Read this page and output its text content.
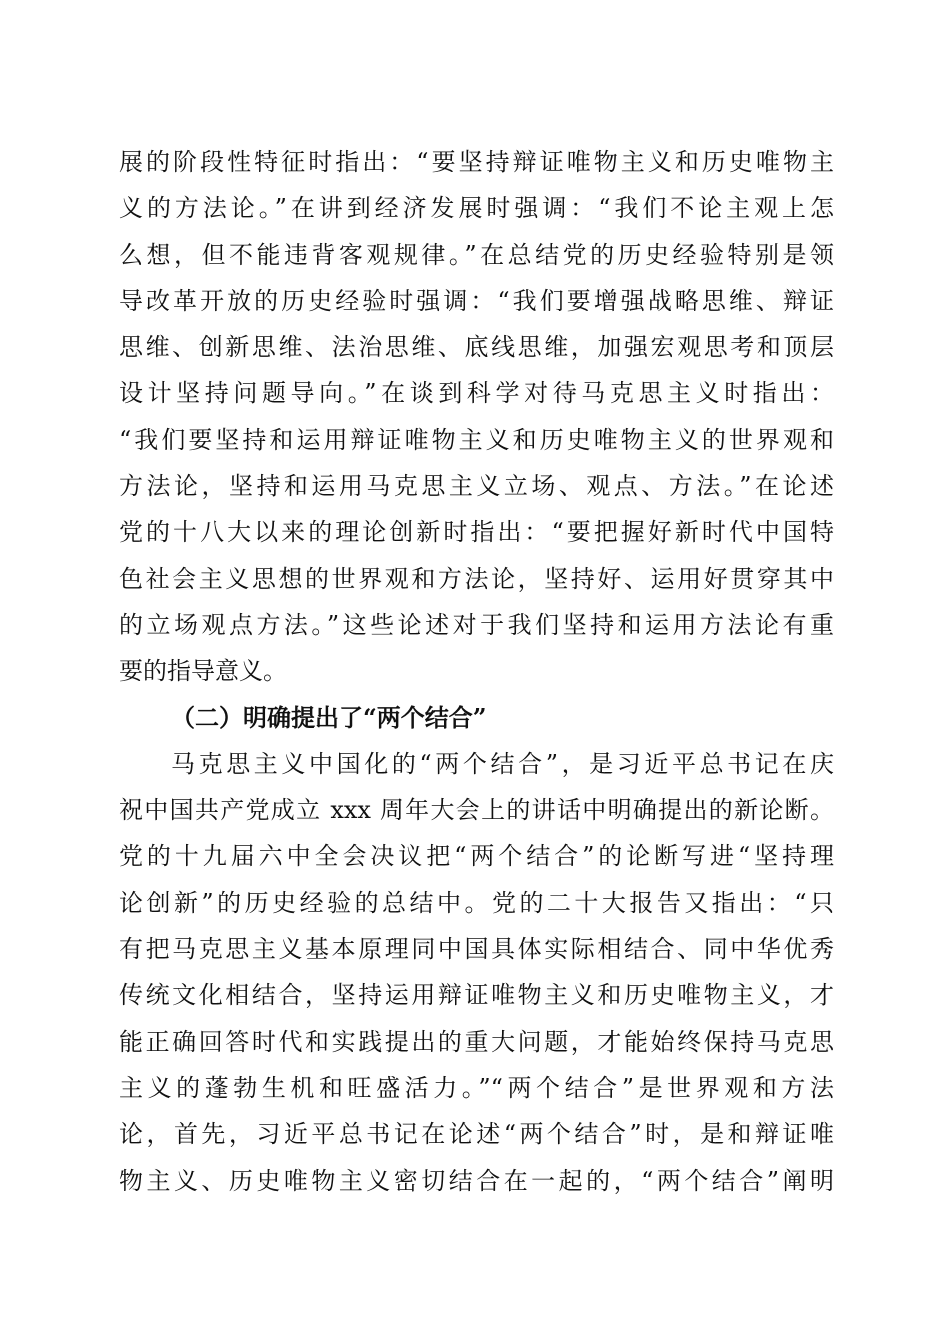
展的阶段性特征时指出：“要坚持辩证唯物主义和历史唯物主
义的方法论。”在讲到经济发展时强调：“我们不论主观上怎
么想，但不能违背客观规律。”在总结党的历史经验特别是领
导改革开放的历史经验时强调：“我们要增强战略思维、辩证
思维、创新思维、法治思维、底线思维，加强宏观思考和顶层
设计坚持问题导向。”在谈到科学对待马克思主义时指出：
“我们要坚持和运用辩证唯物主义和历史唯物主义的世界观和
方法论，坚持和运用马克思主义立场、观点、方法。”在论述
党的十八大以来的理论创新时指出：“要把握好新时代中国特
色社会主义思想的世界观和方法论，坚持好、运用好贯穿其中
的立场观点方法。”这些论述对于我们坚持和运用方法论有重
要的指导意义。
（二）明确提出了“两个结合”
马克思主义中国化的“两个结合”，是习近平总书记在庆
祝中国共产党成立 xxx 周年大会上的讲话中明确提出的新论断。
党的十九届六中全会决议把“两个结合”的论断写进“坚持理
论创新”的历史经验的总结中。党的二十大报告又指出：“只
有把马克思主义基本原理同中国具体实际相结合、同中华优秀
传统文化相结合，坚持运用辩证唯物主义和历史唯物主义，才
能正确回答时代和实践提出的重大问题，才能始终保持马克思
主义的蓬勃生机和旺盛活力。”“两个结合”是世界观和方法
论，首先，习近平总书记在论述“两个结合”时，是和辩证唯
物主义、历史唯物主义密切结合在一起的，“两个结合”阐明
